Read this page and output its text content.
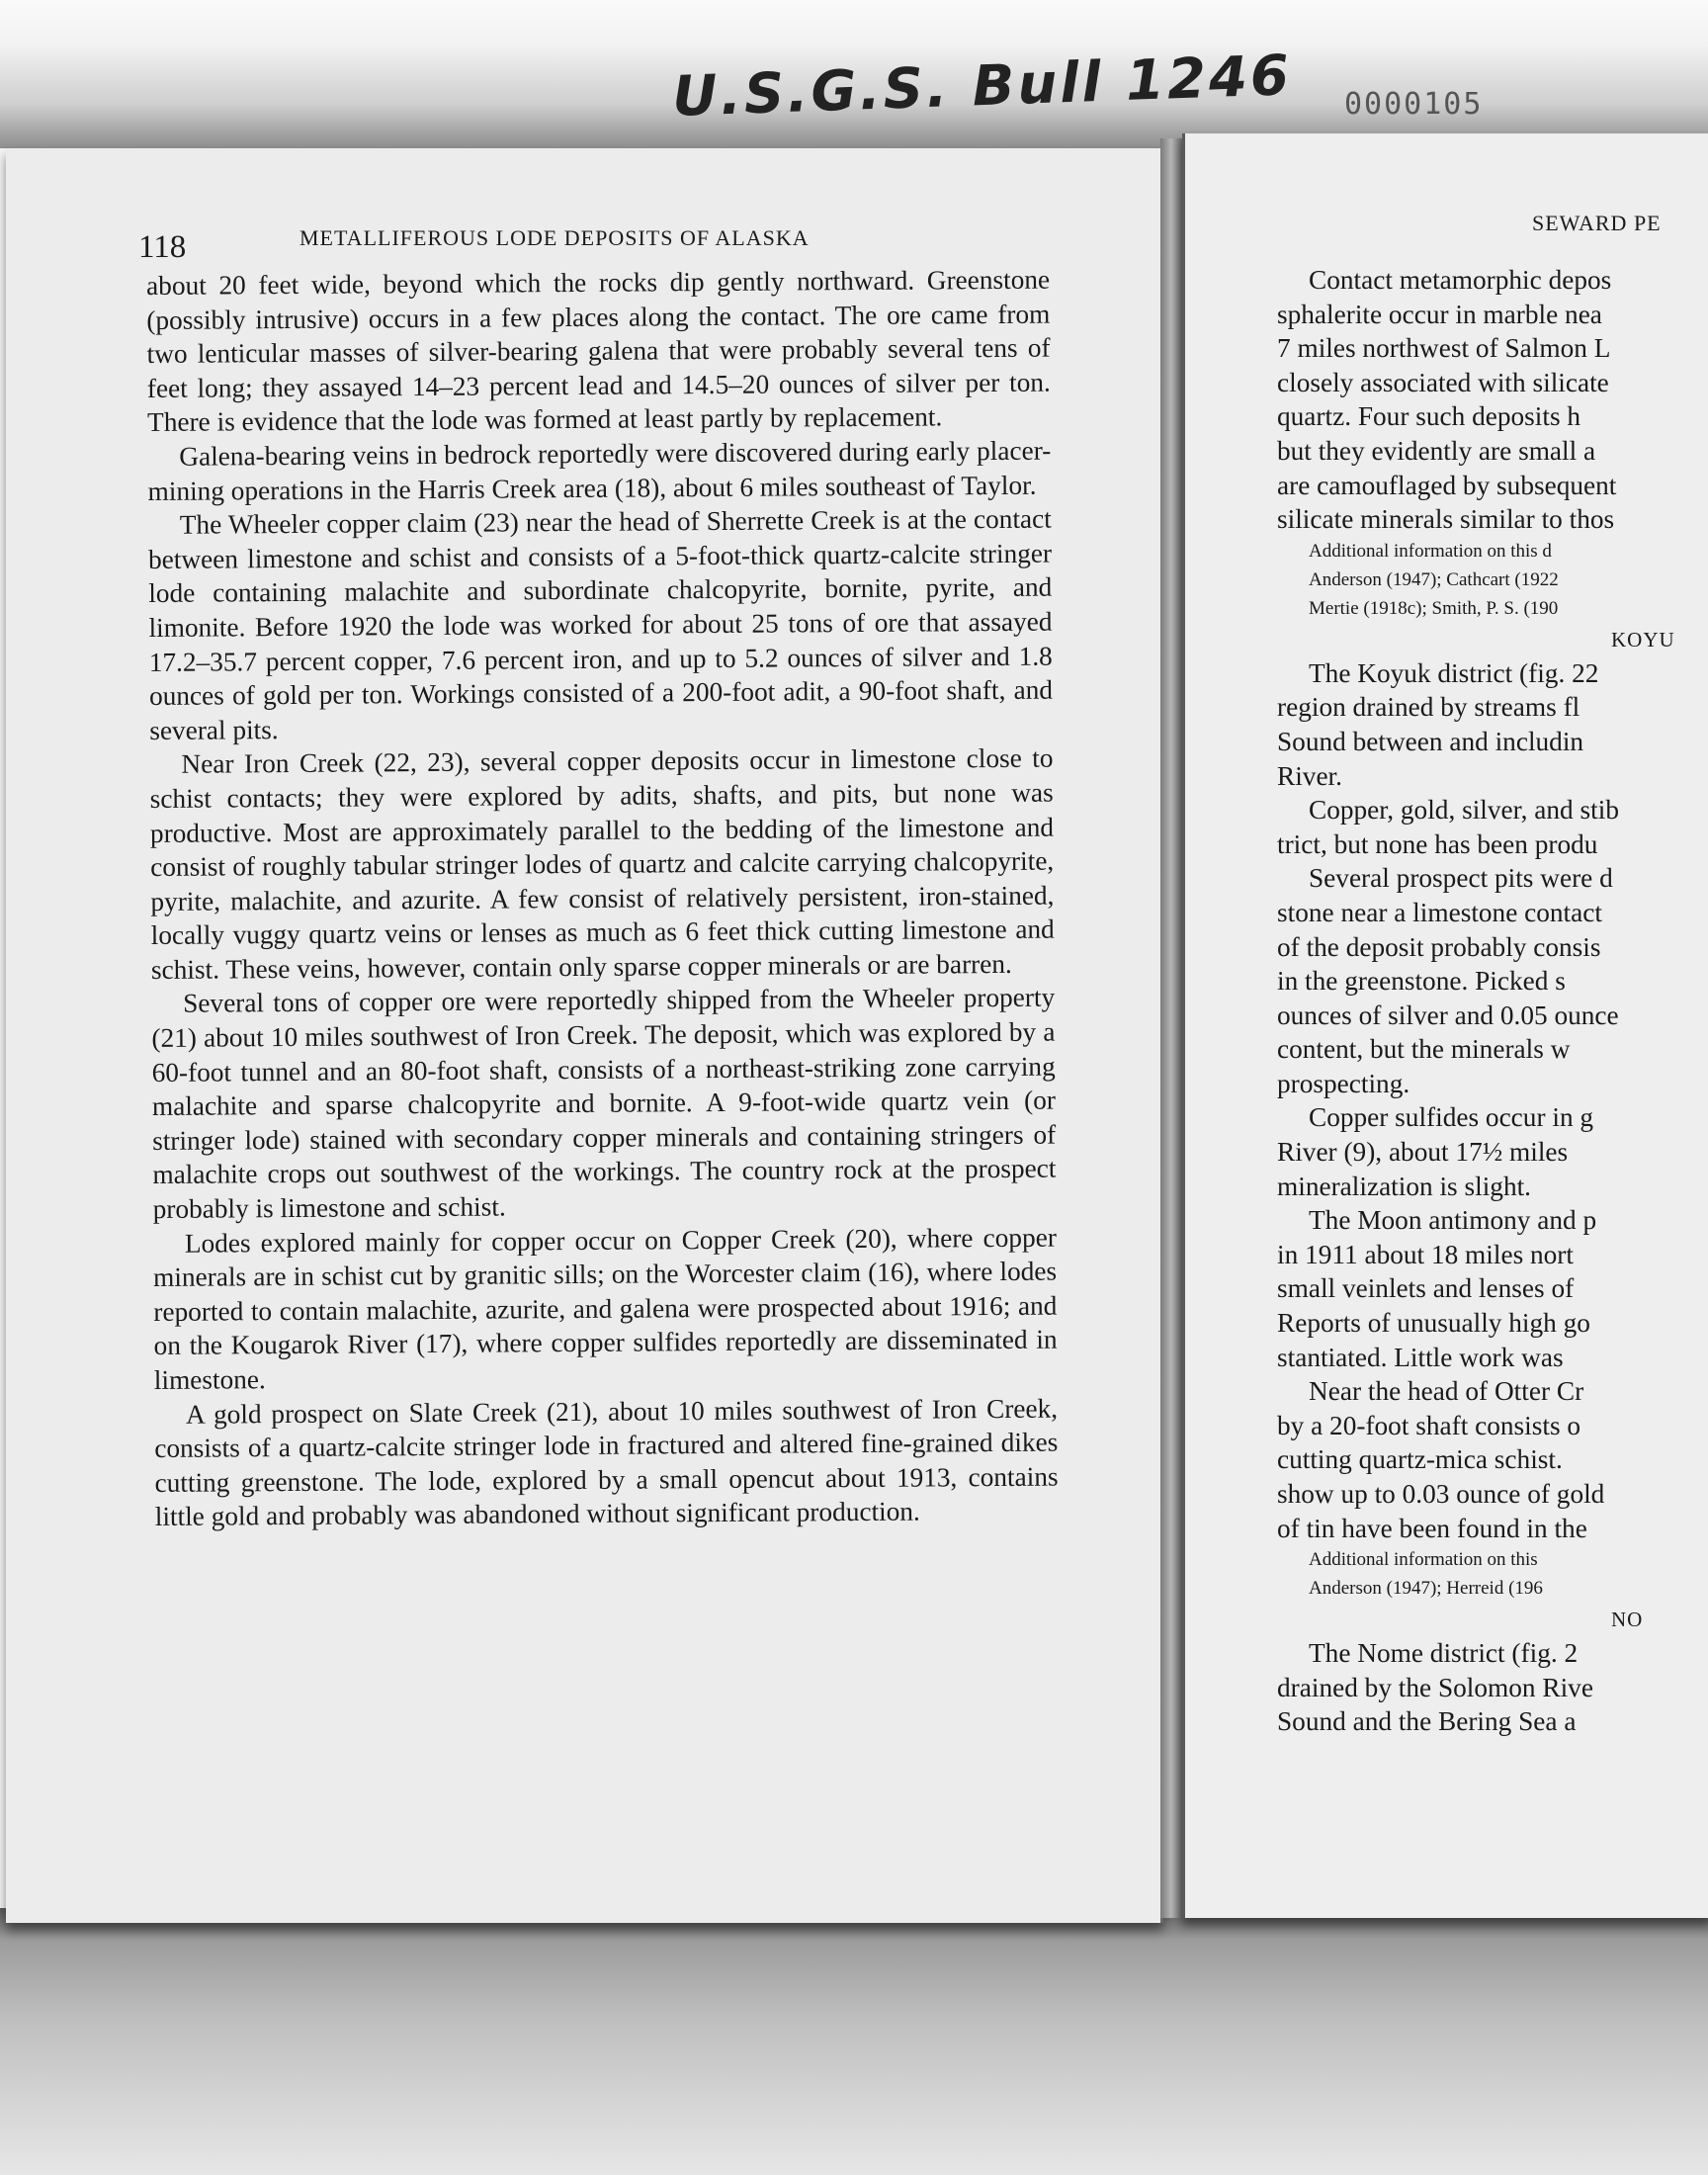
U.S.G.S. Bull 1246 0000105
118	METALLIFEROUS LODE DEPOSITS OF ALASKA

about 20 feet wide, beyond which the rocks dip gently northward. Greenstone (possibly intrusive) occurs in a few places along the contact. The ore came from two lenticular masses of silver-bearing galena that were probably several tens of feet long; they assayed 14–23 percent lead and 14.5–20 ounces of silver per ton. There is evidence that the lode was formed at least partly by replacement.

Galena-bearing veins in bedrock reportedly were discovered during early placer-mining operations in the Harris Creek area (18), about 6 miles southeast of Taylor.

The Wheeler copper claim (23) near the head of Sherrette Creek is at the contact between limestone and schist and consists of a 5-foot-thick quartz-calcite stringer lode containing malachite and subordinate chalcopyrite, bornite, pyrite, and limonite. Before 1920 the lode was worked for about 25 tons of ore that assayed 17.2–35.7 percent copper, 7.6 percent iron, and up to 5.2 ounces of silver and 1.8 ounces of gold per ton. Workings consisted of a 200-foot adit, a 90-foot shaft, and several pits.

Near Iron Creek (22, 23), several copper deposits occur in limestone close to schist contacts; they were explored by adits, shafts, and pits, but none was productive. Most are approximately parallel to the bedding of the limestone and consist of roughly tabular stringer lodes of quartz and calcite carrying chalcopyrite, pyrite, malachite, and azurite. A few consist of relatively persistent, iron-stained, locally vuggy quartz veins or lenses as much as 6 feet thick cutting limestone and schist. These veins, however, contain only sparse copper minerals or are barren.

Several tons of copper ore were reportedly shipped from the Wheeler property (21) about 10 miles southwest of Iron Creek. The deposit, which was explored by a 60-foot tunnel and an 80-foot shaft, consists of a northeast-striking zone carrying malachite and sparse chalcopyrite and bornite. A 9-foot-wide quartz vein (or stringer lode) stained with secondary copper minerals and containing stringers of malachite crops out southwest of the workings. The country rock at the prospect probably is limestone and schist.

Lodes explored mainly for copper occur on Copper Creek (20), where copper minerals are in schist cut by granitic sills; on the Worcester claim (16), where lodes reported to contain malachite, azurite, and galena were prospected about 1916; and on the Kougarok River (17), where copper sulfides reportedly are disseminated in limestone.

A gold prospect on Slate Creek (21), about 10 miles southwest of Iron Creek, consists of a quartz-calcite stringer lode in fractured and altered fine-grained dikes cutting greenstone. The lode, explored by a small opencut about 1913, contains little gold and probably was abandoned without significant production.

SEWARD PE
Contact metamorphic depos
sphalerite occur in marble nea
7 miles northwest of Salmon L
closely associated with silicate
quartz. Four such deposits h
but they evidently are small a
are camouflaged by subsequent
silicate minerals similar to thos
Additional information on this d
Anderson (1947); Cathcart (1922
Mertie (1918c); Smith, P. S. (190
KOYU
The Koyuk district (fig. 22
region drained by streams fl
Sound between and includin
River.
Copper, gold, silver, and stib
trict, but none has been produ
Several prospect pits were d
stone near a limestone contact
of the deposit probably consis
in the greenstone. Picked s
ounces of silver and 0.05 ounce
content, but the minerals w
prospecting.
Copper sulfides occur in g
River (9), about 17½ miles
mineralization is slight.
The Moon antimony and p
in 1911 about 18 miles nort
small veinlets and lenses of
Reports of unusually high go
stantiated. Little work was
Near the head of Otter Cr
by a 20-foot shaft consists o
cutting quartz-mica schist.
show up to 0.03 ounce of gold
of tin have been found in the
Additional information on this
Anderson (1947); Herreid (196
NO
The Nome district (fig. 2
drained by the Solomon Rive
Sound and the Bering Sea a
